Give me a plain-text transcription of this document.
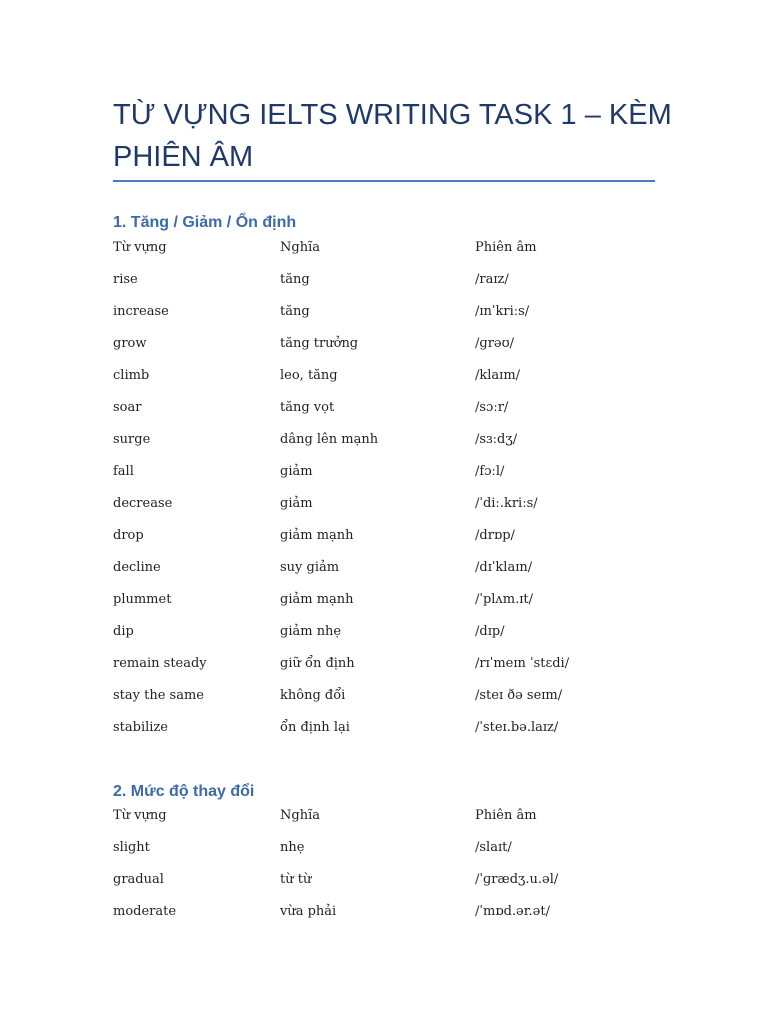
TỪ VỰNG IELTS WRITING TASK 1 – KÈM
PHIÊN ÂM
1. Tăng / Giảm / Ổn định
Từ vựng	Nghĩa	Phiên âm
rise	tăng	/raɪz/
increase	tăng	/ɪnˈkriːs/
grow	tăng trưởng	/ɡrəʊ/
climb	leo, tăng	/klaɪm/
soar	tăng vọt	/sɔːr/
surge	dâng lên mạnh	/sɜːdʒ/
fall	giảm	/fɔːl/
decrease	giảm	/ˈdiː.kriːs/
drop	giảm mạnh	/drɒp/
decline	suy giảm	/dɪˈklaɪn/
plummet	giảm mạnh	/ˈplʌm.ɪt/
dip	giảm nhẹ	/dɪp/
remain steady	giữ ổn định	/rɪˈmeɪn ˈstɛdi/
stay the same	không đổi	/steɪ ðə seɪm/
stabilize	ổn định lại	/ˈsteɪ.bə.laɪz/
2. Mức độ thay đổi
Từ vựng	Nghĩa	Phiên âm
slight	nhẹ	/slaɪt/
gradual	từ từ	/ˈɡrædʒ.u.əl/
moderate	vừa phải	/ˈmɒd.ər.ət/
